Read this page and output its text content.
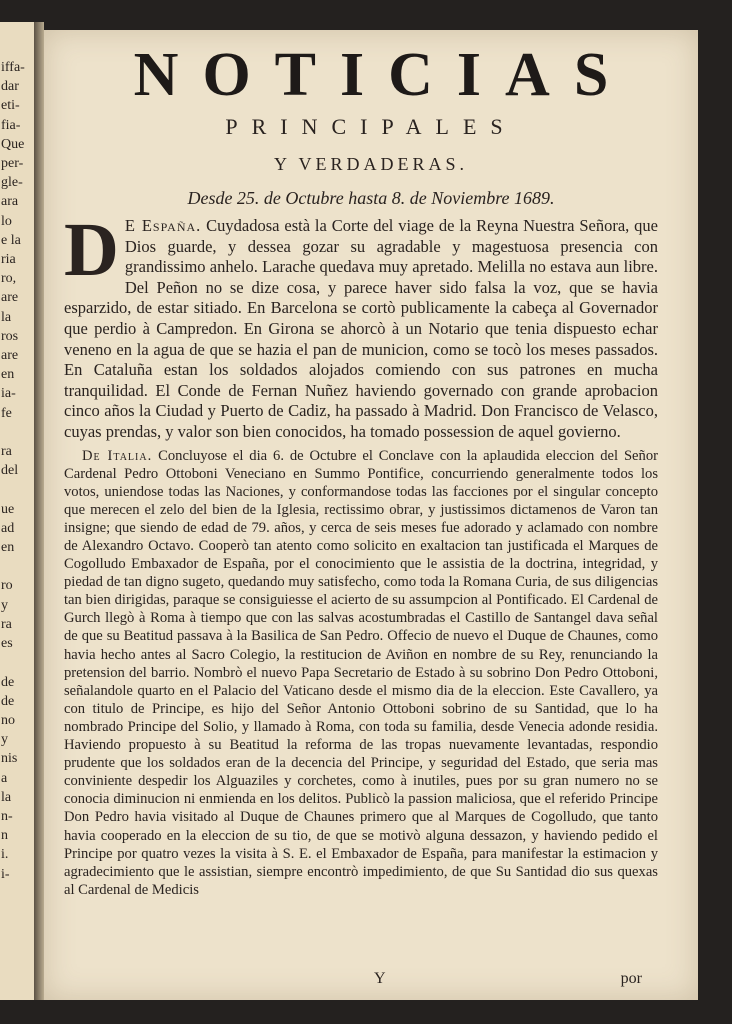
iffa-
dar
eti-
fia-
Que
per-
gle-
ara
lo
e la
ria
ro,
are
la
ros
are
en
ia-
fe

ra
del

ue
ad
en

ro
y
ra
es

de
de
no
y
nis
a
la
n-
n
i.
i-

NOTICIAS
PRINCIPALES
Y VERDADERAS.
Desde 25. de Octubre hasta 8. de Noviembre 1689.

D E España. Cuydadosa està la Corte del viage de la Reyna Nuestra Señora, que Dios guarde, y dessea gozar su agradable y magestuosa presencia con grandissimo anhelo. Larache quedava muy apretado. Melilla no estava aun libre. Del Peñon no se dize cosa, y parece haver sido falsa la voz, que se havia esparzido, de estar sitiado. En Barcelona se cortò publicamente la cabeça al Governador que perdio à Campredon. En Girona se ahorcò à un Notario que tenia dispuesto echar veneno en la agua de que se hazia el pan de municion, como se tocò los meses passados. En Cataluña estan los soldados alojados comiendo con sus patrones en mucha tranquilidad. El Conde de Fernan Nuñez haviendo governado con grande aprobacion cinco años la Ciudad y Puerto de Cadiz, ha passado à Madrid. Don Francisco de Velasco, cuyas prendas, y valor son bien conocidos, ha tomado possession de aquel govierno.

De Italia. Concluyose el dia 6. de Octubre el Conclave con la aplaudida eleccion del Señor Cardenal Pedro Ottoboni Veneciano en Summo Pontifice, concurriendo generalmente todos los votos, uniendose todas las Naciones, y conformandose todas las facciones por el singular concepto que merecen el zelo del bien de la Iglesia, rectissimo obrar, y justissimos dictamenos de Varon tan insigne; que siendo de edad de 79. años, y cerca de seis meses fue adorado y aclamado con nombre de Alexandro Octavo. Cooperò tan atento como solicito en exaltacion tan justificada el Marques de Cogolludo Embaxador de España, por el conocimiento que le assistia de la doctrina, integridad, y piedad de tan digno sugeto, quedando muy satisfecho, como toda la Romana Curia, de sus diligencias tan bien dirigidas, paraque se consiguiesse el acierto de su assumpcion al Pontificado. El Cardenal de Gurch llegò à Roma à tiempo que con las salvas acostumbradas el Castillo de Santangel dava señal de que su Beatitud passava à la Basilica de San Pedro. Offecio de nuevo el Duque de Chaunes, como havia hecho antes al Sacro Colegio, la restitucion de Aviñon en nombre de su Rey, renunciando la pretension del barrio. Nombrò el nuevo Papa Secretario de Estado à su sobrino Don Pedro Ottoboni, señalandole quarto en el Palacio del Vaticano desde el mismo dia de la eleccion. Este Cavallero, ya con titulo de Principe, es hijo del Señor Antonio Ottoboni sobrino de su Santidad, que lo ha nombrado Principe del Solio, y llamado à Roma, con toda su familia, desde Venecia adonde residia. Haviendo propuesto à su Beatitud la reforma de las tropas nuevamente levantadas, respondio prudente que los soldados eran de la decencia del Principe, y seguridad del Estado, que seria mas conviniente despedir los Alguaziles y corchetes, como à inutiles, pues por su gran numero no se conocia diminucion ni enmienda en los delitos. Publicò la passion maliciosa, que el referido Principe Don Pedro havia visitado al Duque de Chaunes primero que al Marques de Cogolludo, que tanto havia cooperado en la eleccion de su tio, de que se motivò alguna dessazon, y haviendo pedido el Principe por quatro vezes la visita à S. E. el Embaxador de España, para manifestar la estimacion y agradecimiento que le assistian, siempre encontrò impedimiento, de que Su Santidad dio sus quexas al Cardenal de Medicis

Y	por
